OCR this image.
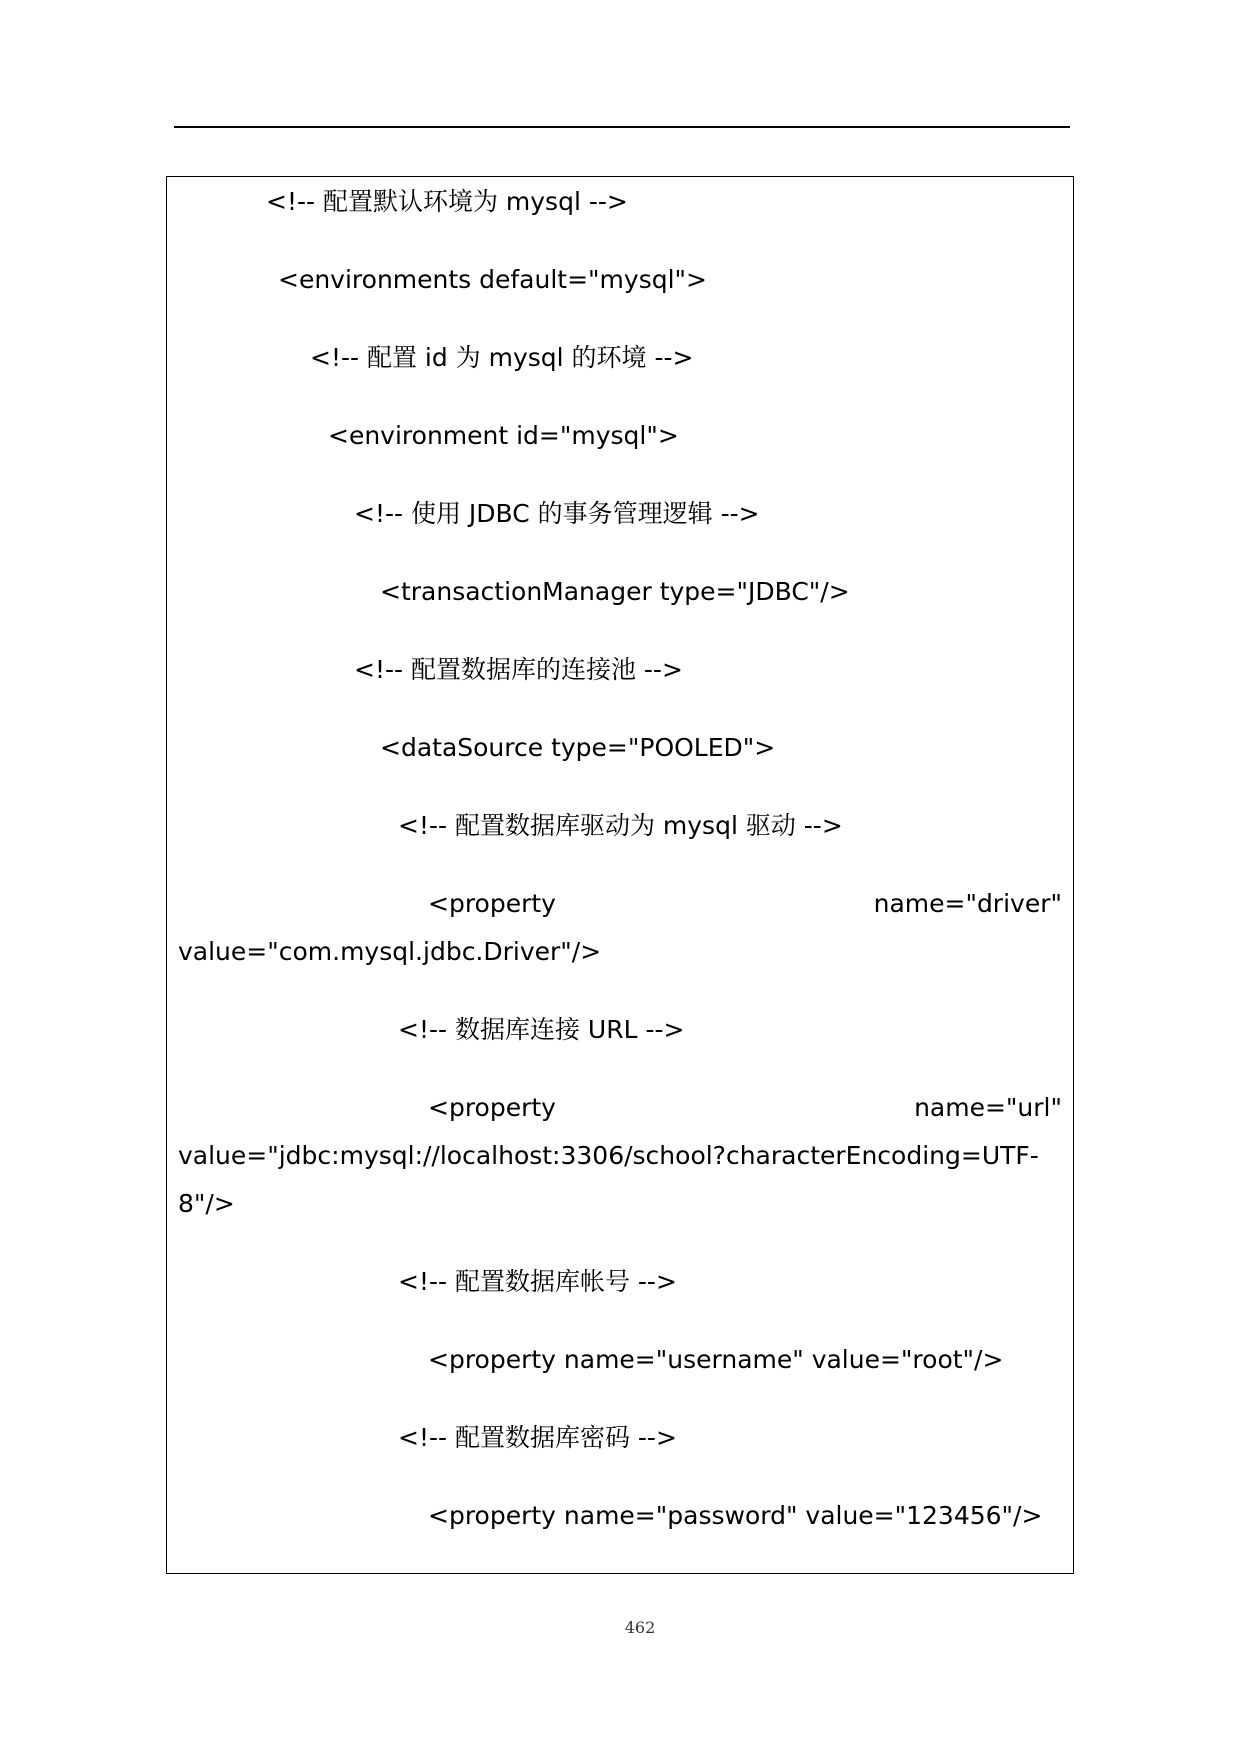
<!-- 配置默认环境为 mysql -->
<environments default="mysql">
<!-- 配置 id 为 mysql 的环境 -->
<environment id="mysql">
<!-- 使用 JDBC 的事务管理逻辑 -->
<transactionManager type="JDBC"/>
<!-- 配置数据库的连接池 -->
<dataSource type="POOLED">
<!-- 配置数据库驱动为 mysql 驱动 -->
<property	name="driver"
value="com.mysql.jdbc.Driver"/>
<!-- 数据库连接 URL -->
<property	name="url"
value="jdbc:mysql://localhost:3306/school?characterEncoding=UTF-
8"/>
<!-- 配置数据库帐号 -->
<property name="username" value="root"/>
<!-- 配置数据库密码 -->
<property name="password" value="123456"/>
462
